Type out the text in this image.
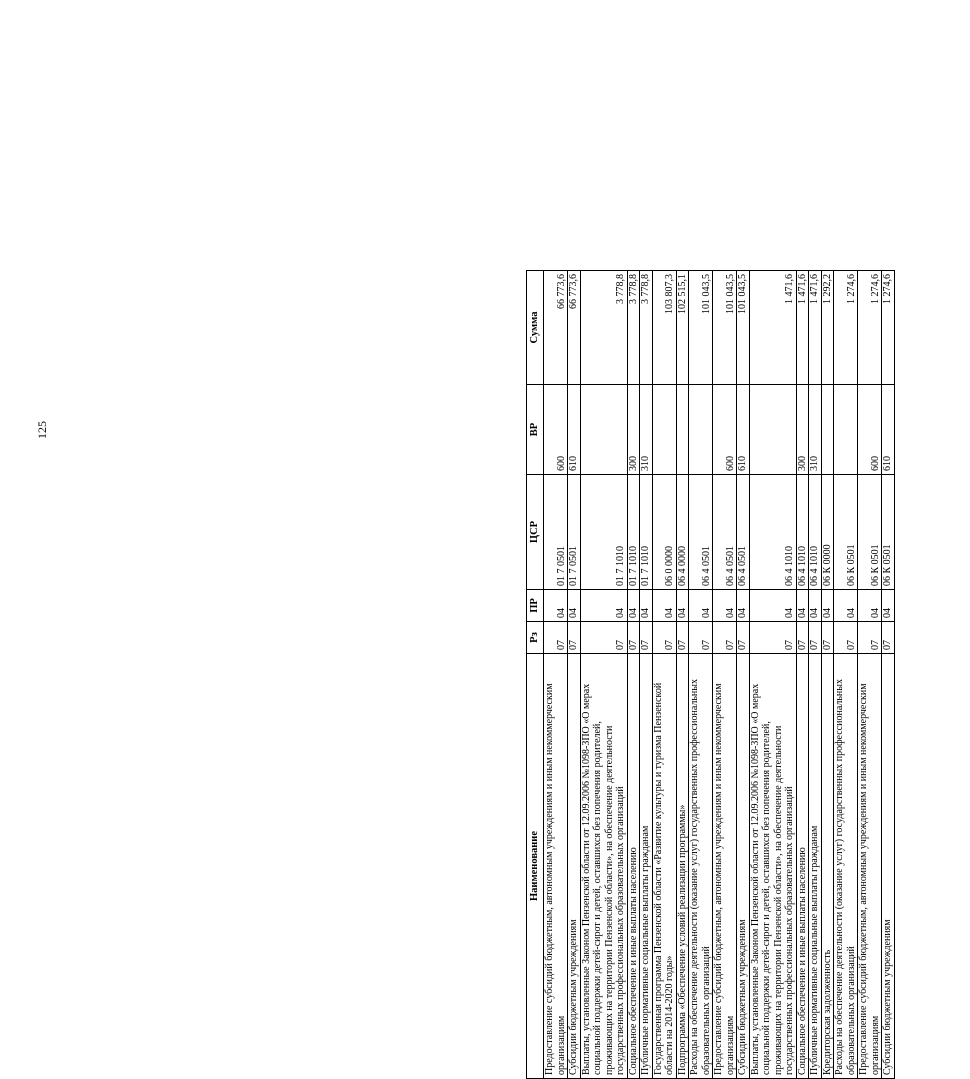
125
Наименование	Рз	ПР	ЦСР	ВР	Сумма
Предоставление субсидий бюджетным, автономным учреждениям и иным некоммерческим организациям	07	04	01 7 0501	600	66 773,6
Субсидии бюджетным учреждениям	07	04	01 7 0501	610	66 773,6
Выплаты, установленные Законом Пензенской области от 12.09.2006 №1098-ЗПО «О мерах социальной поддержки детей-сирот и детей, оставшихся без попечения родителей, проживающих на территории Пензенской области», на обеспечение деятельности государственных профессиональных образовательных организаций	07	04	01 7 1010		3 778,8
Социальное обеспечение и иные выплаты населению	07	04	01 7 1010	300	3 778,8
Публичные нормативные социальные выплаты гражданам	07	04	01 7 1010	310	3 778,8
Государственная программа Пензенской области «Развитие культуры и туризма Пензенской области на 2014-2020 годы»	07	04	06 0 0000		103 807,3
Подпрограмма «Обеспечение условий реализации программы»	07	04	06 4 0000		102 515,1
Расходы на обеспечение деятельности (оказание услуг) государственных профессиональных образовательных организаций	07	04	06 4 0501		101 043,5
Предоставление субсидий бюджетным, автономным учреждениям и иным некоммерческим организациям	07	04	06 4 0501	600	101 043,5
Субсидии бюджетным учреждениям	07	04	06 4 0501	610	101 043,5
Выплаты, установленные Законом Пензенской области от 12.09.2006 №1098-ЗПО «О мерах социальной поддержки детей-сирот и детей, оставшихся без попечения родителей, проживающих на территории Пензенской области», на обеспечение деятельности государственных профессиональных образовательных организаций	07	04	06 4 1010		1 471,6
Социальное обеспечение и иные выплаты населению	07	04	06 4 1010	300	1 471,6
Публичные нормативные социальные выплаты гражданам	07	04	06 4 1010	310	1 471,6
Кредиторская задолженность	07	04	06 К 0000		1 292,2
Расходы на обеспечение деятельности (оказание услуг) государственных профессиональных образовательных организаций	07	04	06 К 0501		1 274,6
Предоставление субсидий бюджетным, автономным учреждениям и иным некоммерческим организациям	07	04	06 К 0501	600	1 274,6
Субсидии бюджетным учреждениям	07	04	06 К 0501	610	1 274,6
